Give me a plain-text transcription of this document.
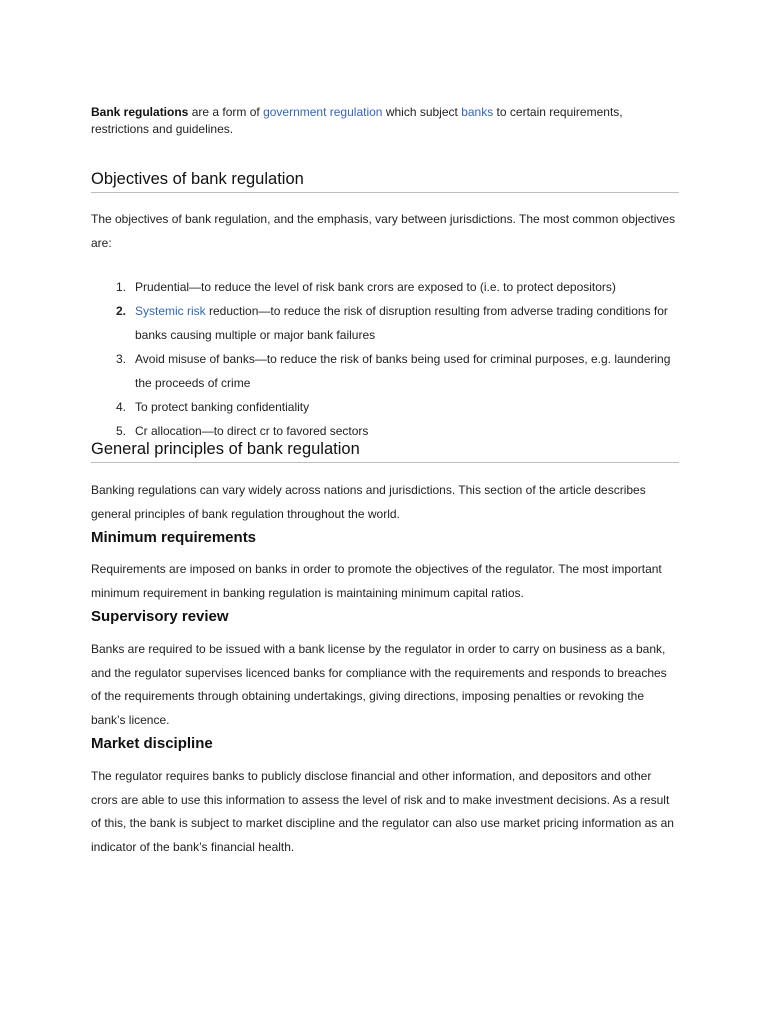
Bank regulations are a form of government regulation which subject banks to certain requirements, restrictions and guidelines.

Objectives of bank regulation

The objectives of bank regulation, and the emphasis, vary between jurisdictions. The most common objectives are:

1. Prudential—to reduce the level of risk bank crors are exposed to (i.e. to protect depositors)
2. Systemic risk reduction—to reduce the risk of disruption resulting from adverse trading conditions for banks causing multiple or major bank failures
3. Avoid misuse of banks—to reduce the risk of banks being used for criminal purposes, e.g. laundering the proceeds of crime
4. To protect banking confidentiality
5. Cr allocation—to direct cr to favored sectors
General principles of bank regulation

Banking regulations can vary widely across nations and jurisdictions. This section of the article describes general principles of bank regulation throughout the world.

Minimum requirements

Requirements are imposed on banks in order to promote the objectives of the regulator. The most important minimum requirement in banking regulation is maintaining minimum capital ratios.

Supervisory review

Banks are required to be issued with a bank license by the regulator in order to carry on business as a bank, and the regulator supervises licenced banks for compliance with the requirements and responds to breaches of the requirements through obtaining undertakings, giving directions, imposing penalties or revoking the bank’s licence.

Market discipline

The regulator requires banks to publicly disclose financial and other information, and depositors and other crors are able to use this information to assess the level of risk and to make investment decisions. As a result of this, the bank is subject to market discipline and the regulator can also use market pricing information as an indicator of the bank’s financial health.
